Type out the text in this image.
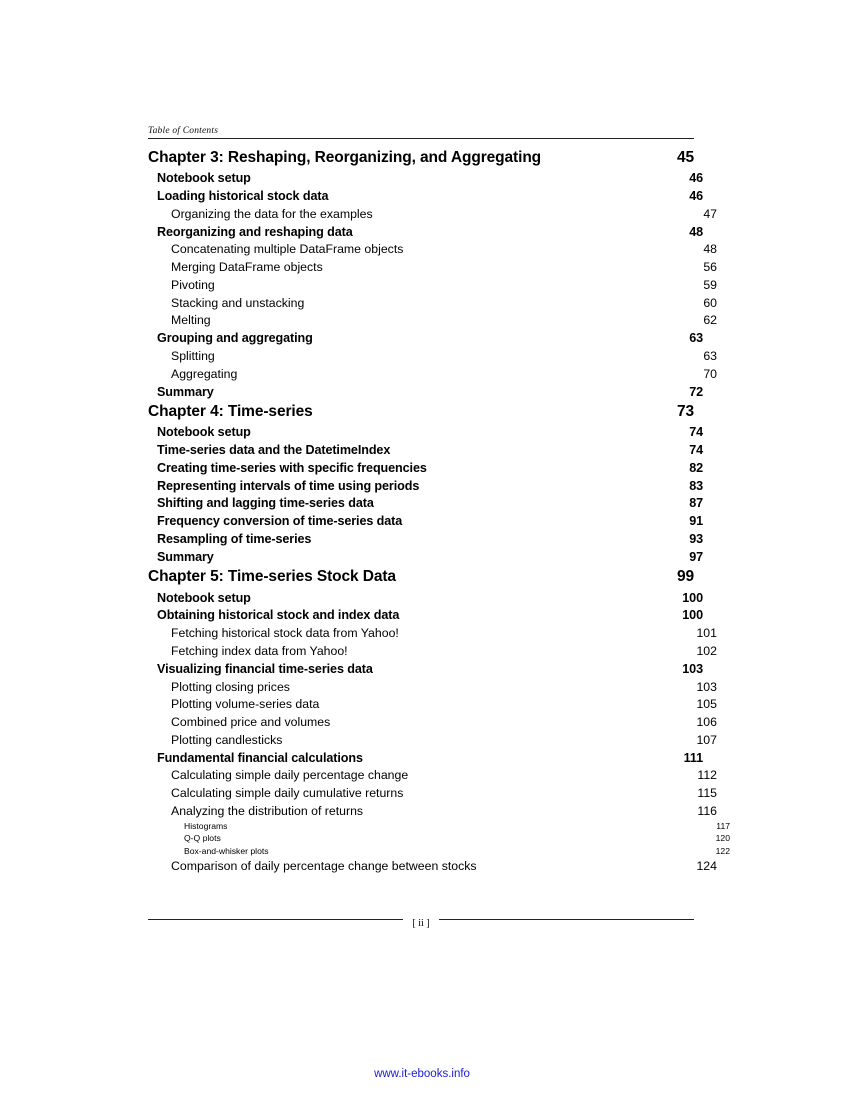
Table of Contents
Chapter 3: Reshaping, Reorganizing, and Aggregating	45
Notebook setup	46
Loading historical stock data	46
Organizing the data for the examples	47
Reorganizing and reshaping data	48
Concatenating multiple DataFrame objects	48
Merging DataFrame objects	56
Pivoting	59
Stacking and unstacking	60
Melting	62
Grouping and aggregating	63
Splitting	63
Aggregating	70
Summary	72
Chapter 4: Time-series	73
Notebook setup	74
Time-series data and the DatetimeIndex	74
Creating time-series with specific frequencies	82
Representing intervals of time using periods	83
Shifting and lagging time-series data	87
Frequency conversion of time-series data	91
Resampling of time-series	93
Summary	97
Chapter 5: Time-series Stock Data	99
Notebook setup	100
Obtaining historical stock and index data	100
Fetching historical stock data from Yahoo!	101
Fetching index data from Yahoo!	102
Visualizing financial time-series data	103
Plotting closing prices	103
Plotting volume-series data	105
Combined price and volumes	106
Plotting candlesticks	107
Fundamental financial calculations	111
Calculating simple daily percentage change	112
Calculating simple daily cumulative returns	115
Analyzing the distribution of returns	116
Histograms	117
Q-Q plots	120
Box-and-whisker plots	122
Comparison of daily percentage change between stocks	124
[ ii ]
www.it-ebooks.info
